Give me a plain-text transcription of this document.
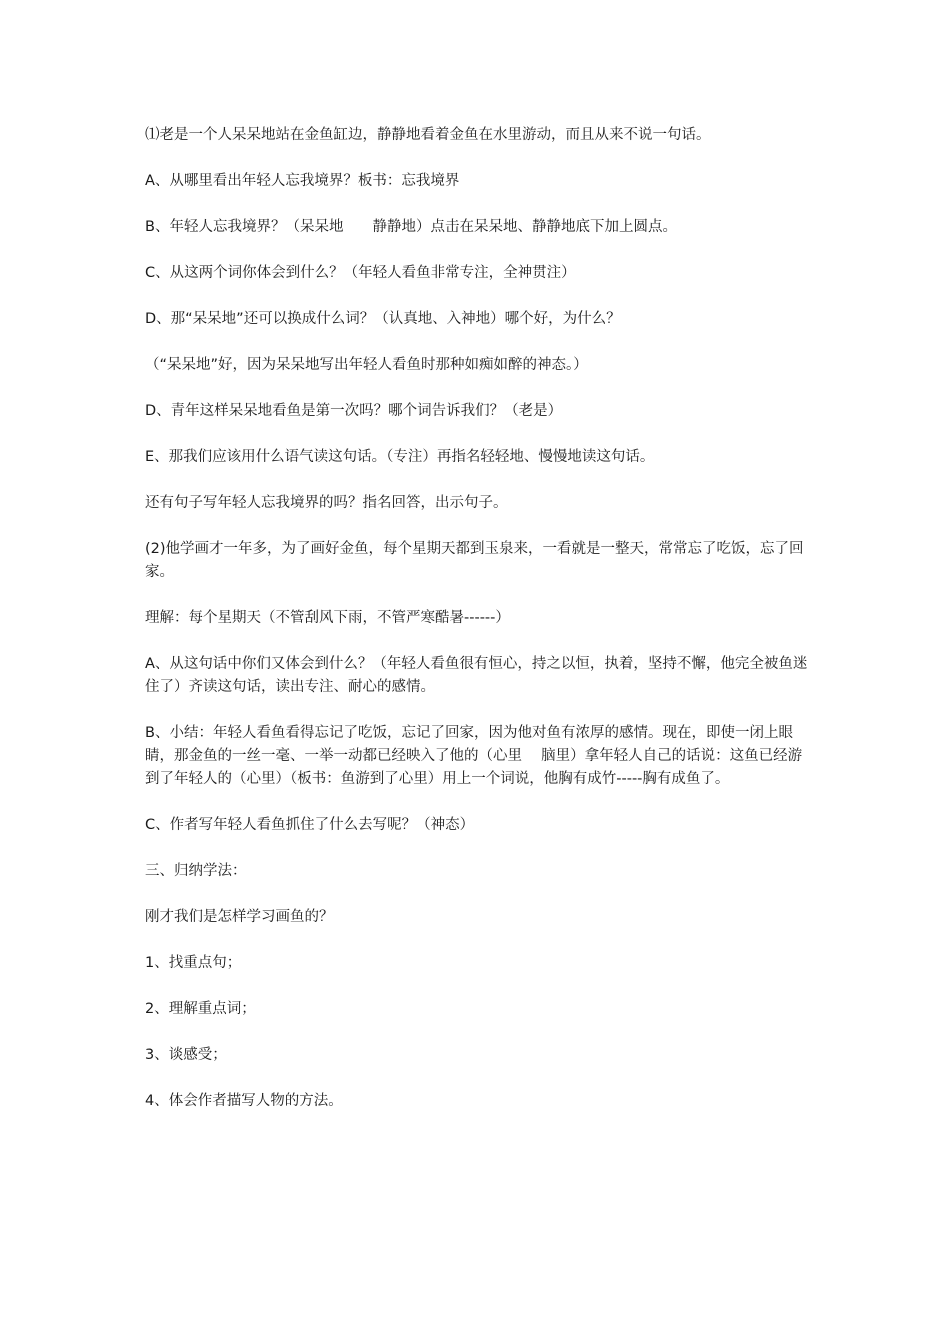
⑴老是一个人呆呆地站在金鱼缸边，静静地看着金鱼在水里游动，而且从来不说一句话。

A、从哪里看出年轻人忘我境界？板书：忘我境界

B、年轻人忘我境界？（呆呆地　　静静地）点击在呆呆地、静静地底下加上圆点。

C、从这两个词你体会到什么？（年轻人看鱼非常专注，全神贯注）

D、那“呆呆地”还可以换成什么词？（认真地、入神地）哪个好，为什么？

（“呆呆地”好，因为呆呆地写出年轻人看鱼时那种如痴如醉的神态。）

D、青年这样呆呆地看鱼是第一次吗？哪个词告诉我们？（老是）

E、那我们应该用什么语气读这句话。（专注）再指名轻轻地、慢慢地读这句话。

还有句子写年轻人忘我境界的吗？指名回答，出示句子。

(2)他学画才一年多，为了画好金鱼，每个星期天都到玉泉来，一看就是一整天，常常忘了吃饭，忘了回家。

理解：每个星期天（不管刮风下雨，不管严寒酷暑------）

A、从这句话中你们又体会到什么？（年轻人看鱼很有恒心，持之以恒，执着，坚持不懈，他完全被鱼迷住了）齐读这句话，读出专注、耐心的感情。

B、小结：年轻人看鱼看得忘记了吃饭，忘记了回家，因为他对鱼有浓厚的感情。现在，即使一闭上眼睛，那金鱼的一丝一毫、一举一动都已经映入了他的（心里　 脑里）拿年轻人自己的话说：这鱼已经游到了年轻人的（心里）（板书：鱼游到了心里）用上一个词说，他胸有成竹-----胸有成鱼了。

C、作者写年轻人看鱼抓住了什么去写呢？（神态）

三、归纳学法：

刚才我们是怎样学习画鱼的？

1、找重点句；

2、理解重点词；

3、谈感受；

4、体会作者描写人物的方法。
